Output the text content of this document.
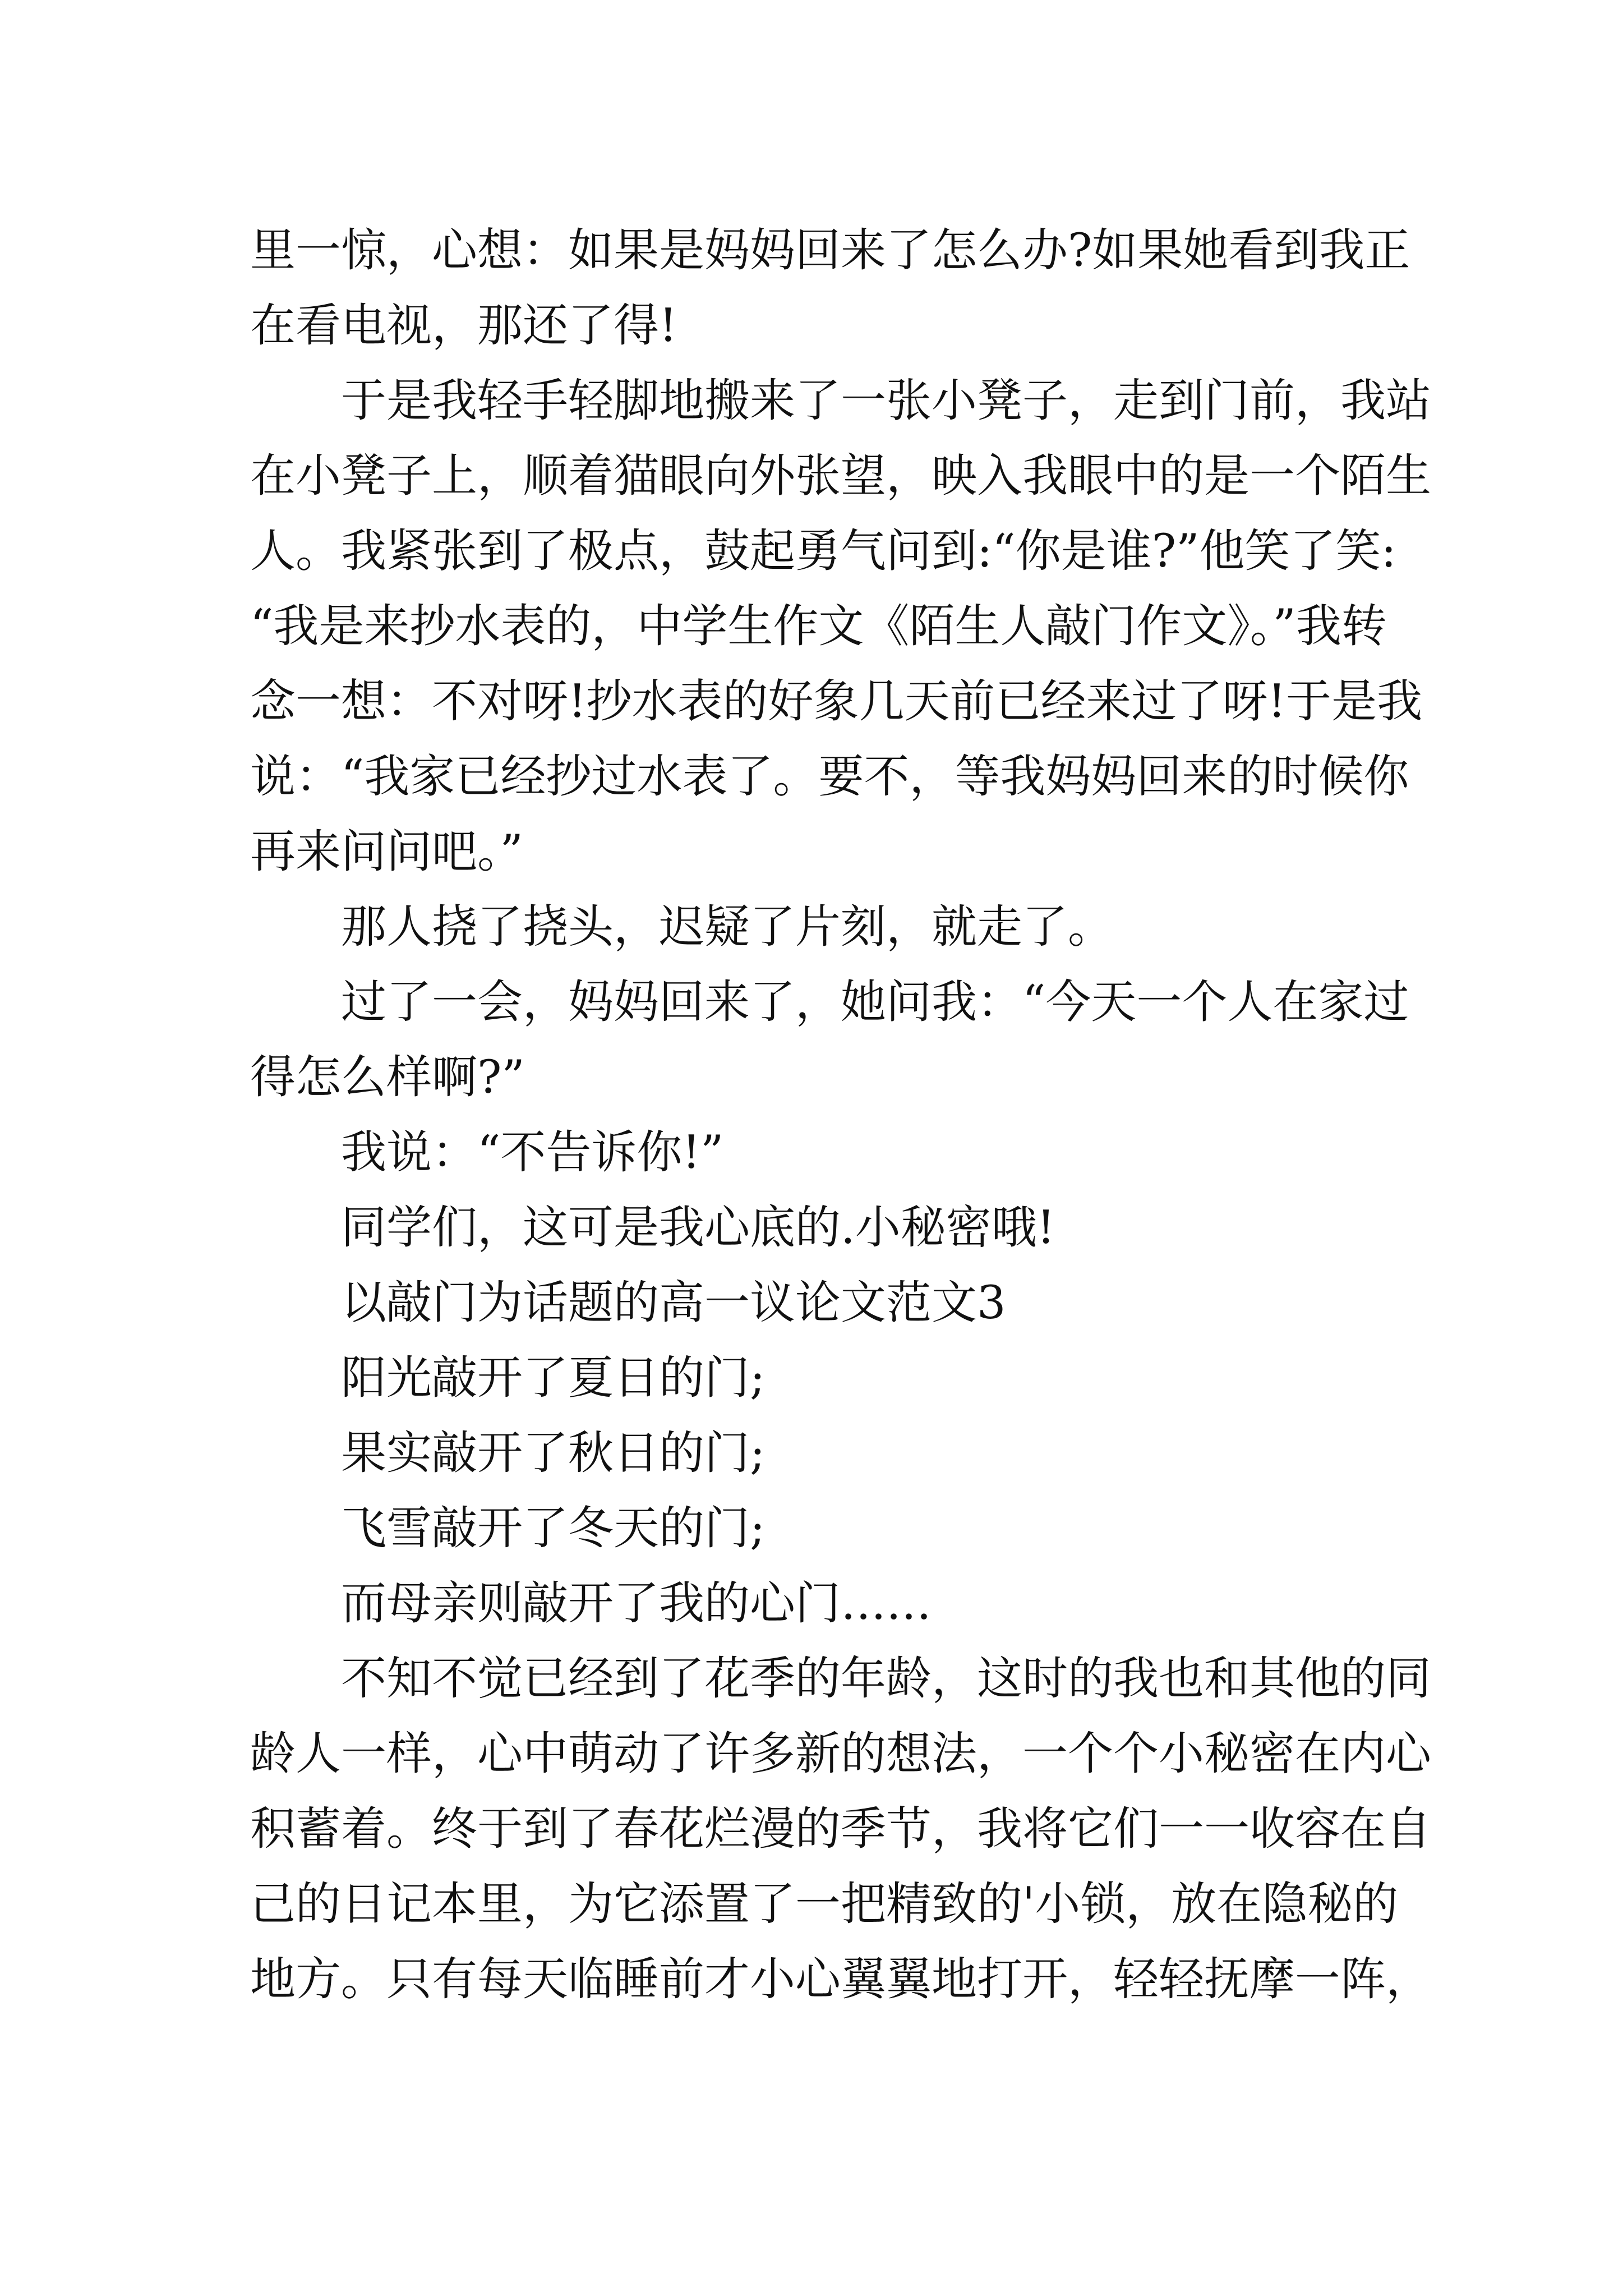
里一惊，心想：如果是妈妈回来了怎么办?如果她看到我正
在看电视，那还了得!
于是我轻手轻脚地搬来了一张小凳子，走到门前，我站
在小凳子上，顺着猫眼向外张望，映入我眼中的是一个陌生
人。我紧张到了极点，鼓起勇气问到:“你是谁?”他笑了笑:
“我是来抄水表的，中学生作文《陌生人敲门作文》。”我转
念一想：不对呀!抄水表的好象几天前已经来过了呀!于是我
说：“我家已经抄过水表了。要不，等我妈妈回来的时候你
再来问问吧。”
那人挠了挠头，迟疑了片刻，就走了。
过了一会，妈妈回来了，她问我：“今天一个人在家过
得怎么样啊?”
我说：“不告诉你!”
同学们，这可是我心底的.小秘密哦!
以敲门为话题的高一议论文范文3
阳光敲开了夏日的门;
果实敲开了秋日的门;
飞雪敲开了冬天的门;
而母亲则敲开了我的心门……
不知不觉已经到了花季的年龄，这时的我也和其他的同
龄人一样，心中萌动了许多新的想法，一个个小秘密在内心
积蓄着。终于到了春花烂漫的季节，我将它们一一收容在自
己的日记本里，为它添置了一把精致的'小锁，放在隐秘的
地方。只有每天临睡前才小心翼翼地打开，轻轻抚摩一阵，
